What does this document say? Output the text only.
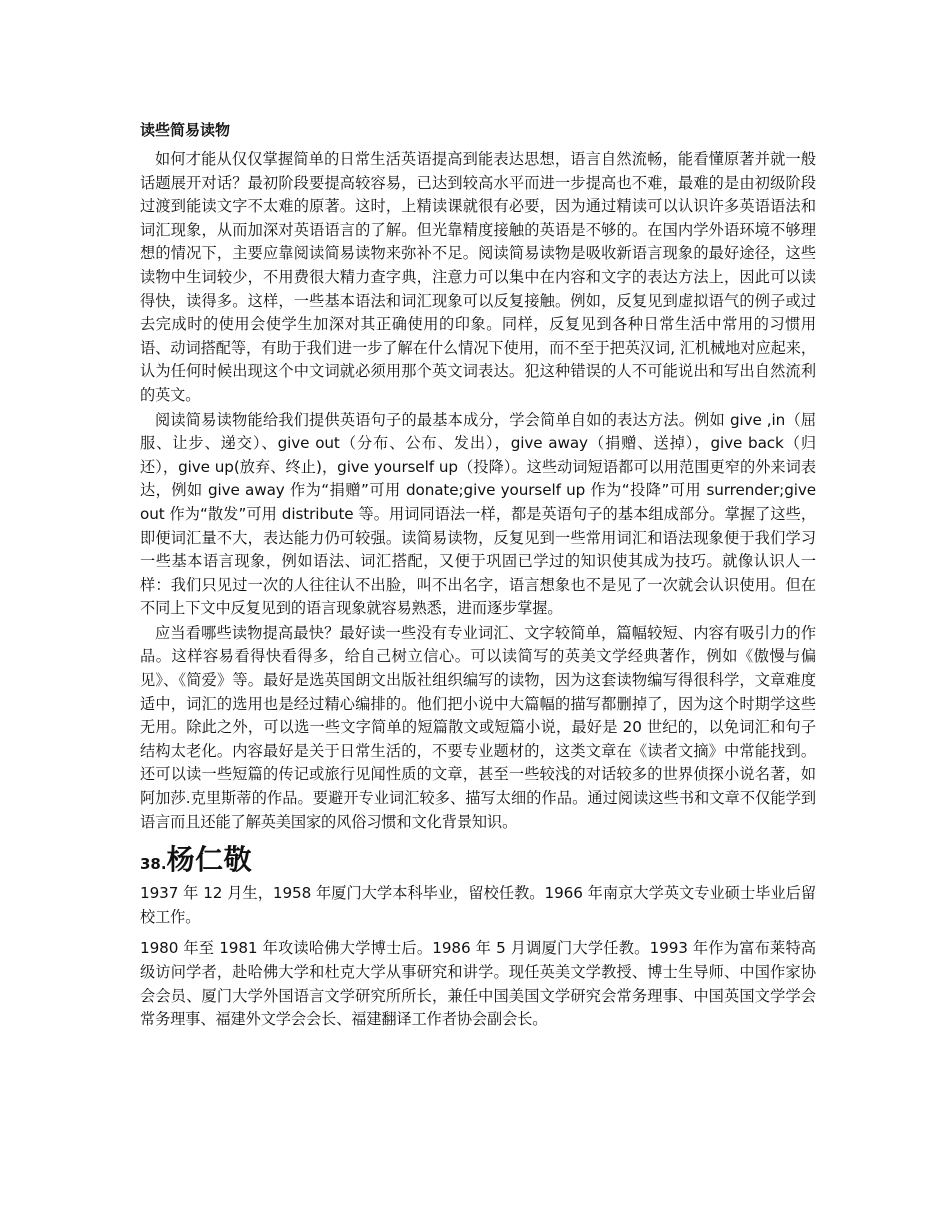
读些简易读物

如何才能从仅仅掌握简单的日常生活英语提高到能表达思想，语言自然流畅，能看懂原著并就一般话题展开对话？最初阶段要提高较容易，已达到较高水平而进一步提高也不难，最难的是由初级阶段过渡到能读文字不太难的原著。这时，上精读课就很有必要，因为通过精读可以认识许多英语语法和词汇现象，从而加深对英语语言的了解。但光靠精度接触的英语是不够的。在国内学外语环境不够理想的情况下，主要应靠阅读简易读物来弥补不足。阅读简易读物是吸收新语言现象的最好途径，这些读物中生词较少，不用费很大精力查字典，注意力可以集中在内容和文字的表达方法上，因此可以读得快，读得多。这样，一些基本语法和词汇现象可以反复接触。例如，反复见到虚拟语气的例子或过去完成时的使用会使学生加深对其正确使用的印象。同样，反复见到各种日常生活中常用的习惯用语、动词搭配等，有助于我们进一步了解在什么情况下使用，而不至于把英汉词, 汇机械地对应起来，认为任何时候出现这个中文词就必须用那个英文词表达。犯这种错误的人不可能说出和写出自然流利的英文。

阅读简易读物能给我们提供英语句子的最基本成分，学会简单自如的表达方法。例如 give ,in（屈服、让步、递交）、give out（分布、公布、发出），give away（捐赠、送掉），give back（归还），give up(放弃、终止)，give yourself up（投降）。这些动词短语都可以用范围更窄的外来词表达，例如 give away 作为“捐赠”可用 donate;give yourself up 作为“投降”可用 surrender;give out 作为“散发”可用 distribute 等。用词同语法一样，都是英语句子的基本组成部分。掌握了这些，即便词汇量不大，表达能力仍可较强。读简易读物，反复见到一些常用词汇和语法现象便于我们学习一些基本语言现象，例如语法、词汇搭配，又便于巩固已学过的知识使其成为技巧。就像认识人一样：我们只见过一次的人往往认不出脸，叫不出名字，语言想象也不是见了一次就会认识使用。但在不同上下文中反复见到的语言现象就容易熟悉，进而逐步掌握。

应当看哪些读物提高最快？最好读一些没有专业词汇、文字较简单，篇幅较短、内容有吸引力的作品。这样容易看得快看得多，给自己树立信心。可以读简写的英美文学经典著作，例如《傲慢与偏见》、《简爱》等。最好是选英国朗文出版社组织编写的读物，因为这套读物编写得很科学，文章难度适中，词汇的选用也是经过精心编排的。他们把小说中大篇幅的描写都删掉了，因为这个时期学这些无用。除此之外，可以选一些文字简单的短篇散文或短篇小说，最好是 20 世纪的，以免词汇和句子结构太老化。内容最好是关于日常生活的，不要专业题材的，这类文章在《读者文摘》中常能找到。还可以读一些短篇的传记或旅行见闻性质的文章，甚至一些较浅的对话较多的世界侦探小说名著，如阿加莎.克里斯蒂的作品。要避开专业词汇较多、描写太细的作品。通过阅读这些书和文章不仅能学到语言而且还能了解英美国家的风俗习惯和文化背景知识。

38. 杨仁敬

1937 年 12 月生，1958 年厦门大学本科毕业，留校任教。1966 年南京大学英文专业硕士毕业后留校工作。

1980 年至 1981 年攻读哈佛大学博士后。1986 年 5 月调厦门大学任教。1993 年作为富布莱特高级访问学者，赴哈佛大学和杜克大学从事研究和讲学。现任英美文学教授、博士生导师、中国作家协会会员、厦门大学外国语言文学研究所所长，兼任中国美国文学研究会常务理事、中国英国文学学会常务理事、福建外文学会会长、福建翻译工作者协会副会长。
